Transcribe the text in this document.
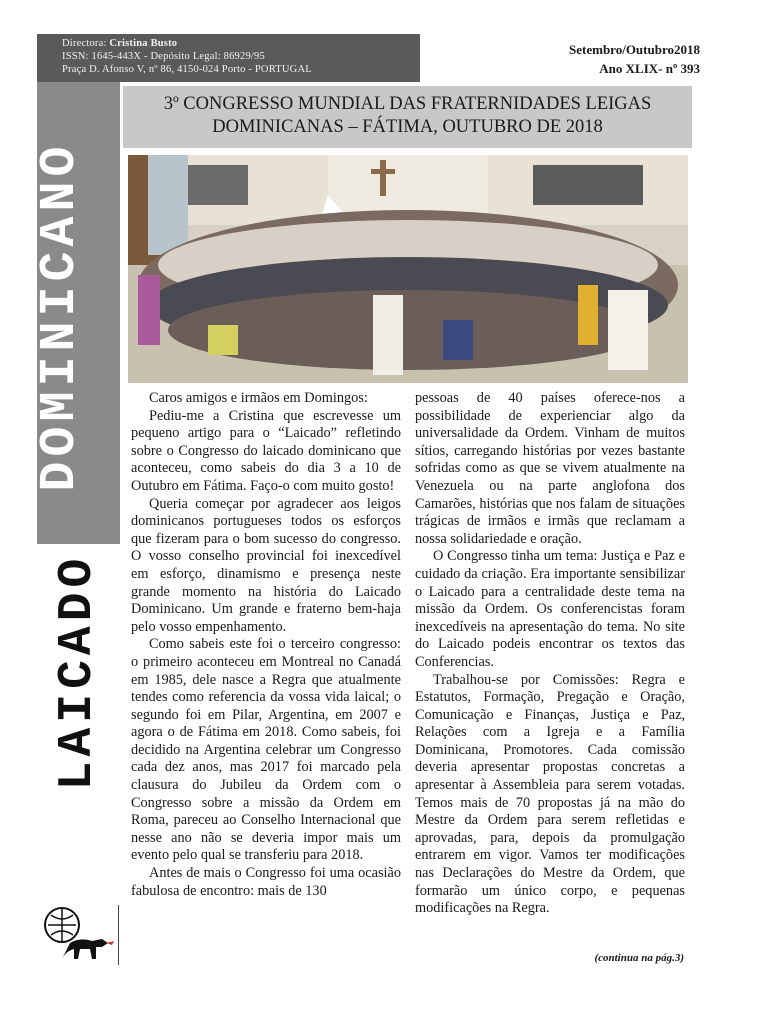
Directora: Cristina Busto
ISSN: 1645-443X - Depósito Legal: 86929/95
Praça D. Afonso V, nº 86, 4150-024 Porto - PORTUGAL
Setembro/Outubro2018
Ano XLIX- nº 393
DOMINICANO
LAICADO
3º CONGRESSO MUNDIAL DAS FRATERNIDADES LEIGAS
DOMINICANAS – FÁTIMA, OUTUBRO DE 2018

Caros amigos e irmãos em Domingos:

Pediu-me a Cristina que escrevesse um pequeno artigo para o “Laicado” refletindo sobre o Congresso do laicado dominicano que aconteceu, como sabeis do dia 3 a 10 de Outubro em Fátima. Faço-o com muito gosto!

Queria começar por agradecer aos leigos dominicanos portugueses todos os esforços que fizeram para o bom sucesso do congresso. O vosso conselho provincial foi inexcedível em esforço, dinamismo e presença neste grande momento na história do Laicado Dominicano. Um grande e fraterno bem-haja pelo vosso empenhamento.

Como sabeis este foi o terceiro congresso: o primeiro aconteceu em Montreal no Canadá em 1985, dele nasce a Regra que atualmente tendes como referencia da vossa vida laical; o segundo foi em Pilar, Argentina, em 2007 e agora o de Fátima em 2018. Como sabeis, foi decidido na Argentina celebrar um Congresso cada dez anos, mas 2017 foi marcado pela clausura do Jubileu da Ordem com o Congresso sobre a missão da Ordem em Roma, pareceu ao Conselho Internacional que nesse ano não se deveria impor mais um evento pelo qual se transferiu para 2018.

Antes de mais o Congresso foi uma ocasião fabulosa de encontro: mais de 130

pessoas de 40 países oferece-nos a possibilidade de experienciar algo da universalidade da Ordem. Vinham de muitos sítios, carregando histórias por vezes bastante sofridas como as que se vivem atualmente na Venezuela ou na parte anglofona dos Camarões, histórias que nos falam de situações trágicas de irmãos e irmãs que reclamam a nossa solidariedade e oração.

O Congresso tinha um tema: Justiça e Paz e cuidado da criação. Era importante sensibilizar o Laicado para a centralidade deste tema na missão da Ordem. Os conferencistas foram inexcedíveis na apresentação do tema. No site do Laicado podeis encontrar os textos das Conferencias.

Trabalhou-se por Comissões: Regra e Estatutos, Formação, Pregação e Oração, Comunicação e Finanças, Justiça e Paz, Relações com a Igreja e a Família Dominicana, Promotores. Cada comissão deveria apresentar propostas concretas a apresentar à Assembleia para serem votadas. Temos mais de 70 propostas já na mão do Mestre da Ordem para serem refletidas e aprovadas, para, depois da promulgação entrarem em vigor. Vamos ter modificações nas Declarações do Mestre da Ordem, que formarão um único corpo, e pequenas modificações na Regra.

(continua na pág.3)
